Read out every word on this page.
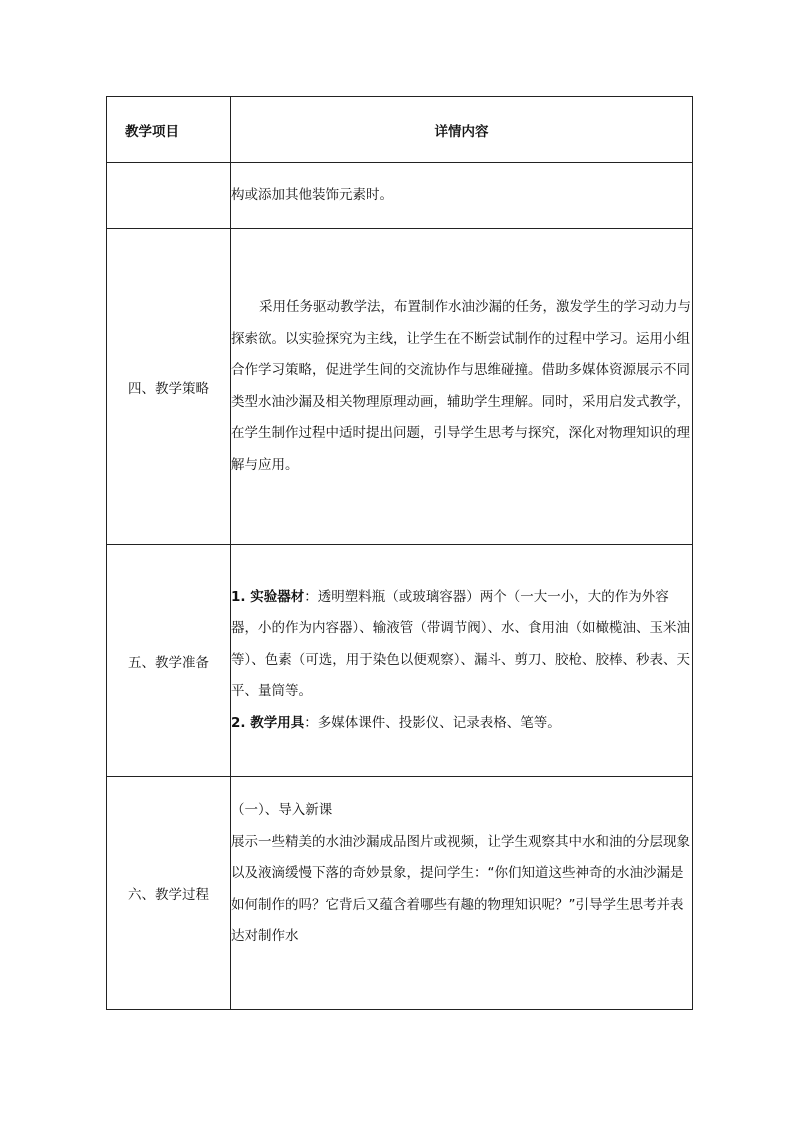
教学项目	详情内容

	构或添加其他装饰元素时。

四、教学策略	采用任务驱动教学法，布置制作水油沙漏的任务，激发学生的学习动力与探索欲。以实验探究为主线，让学生在不断尝试制作的过程中学习。运用小组合作学习策略，促进学生间的交流协作与思维碰撞。借助多媒体资源展示不同类型水油沙漏及相关物理原理动画，辅助学生理解。同时，采用启发式教学，在学生制作过程中适时提出问题，引导学生思考与探究，深化对物理知识的理解与应用。

五、教学准备	1. 实验器材：透明塑料瓶（或玻璃容器）两个（一大一小，大的作为外容器，小的作为内容器）、输液管（带调节阀）、水、食用油（如橄榄油、玉米油等）、色素（可选，用于染色以便观察）、漏斗、剪刀、胶枪、胶棒、秒表、天平、量筒等。

2. 教学用具：多媒体课件、投影仪、记录表格、笔等。

六、教学过程	（一）、导入新课

展示一些精美的水油沙漏成品图片或视频，让学生观察其中水和油的分层现象以及液滴缓慢下落的奇妙景象，提问学生：“你们知道这些神奇的水油沙漏是如何制作的吗？它背后又蕴含着哪些有趣的物理知识呢？”引导学生思考并表达对制作水
